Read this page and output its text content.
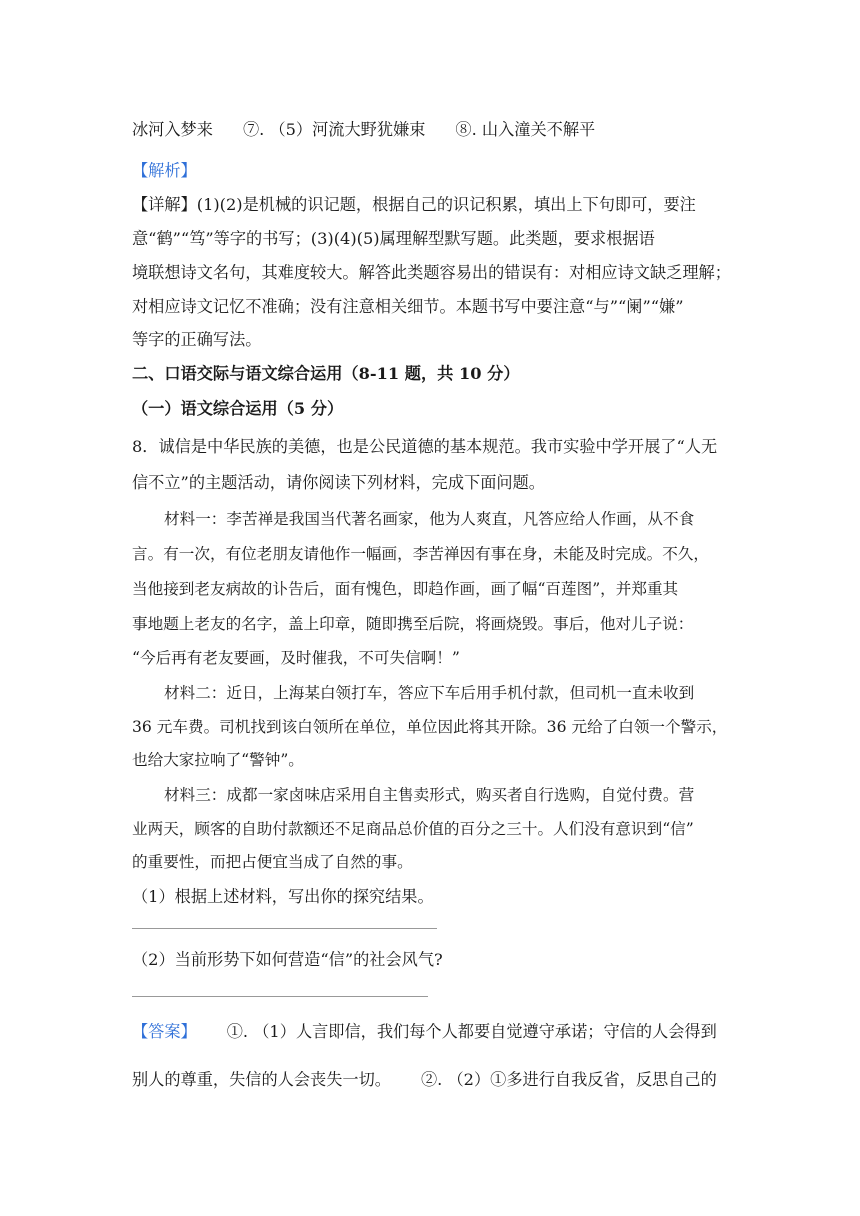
冰河入梦来 ⑦. （5）河流大野犹嫌束 ⑧. 山入潼关不解平
【解析】
【详解】(1)(2)是机械的识记题，根据自己的识记积累，填出上下句即可，要注
意“鹤”“笃”等字的书写；(3)(4)(5)属理解型默写题。此类题，要求根据语
境联想诗文名句，其难度较大。解答此类题容易出的错误有：对相应诗文缺乏理解；
对相应诗文记忆不准确；没有注意相关细节。本题书写中要注意“与”“阑”“嫌”
等字的正确写法。
二、口语交际与语文综合运用（8-11 题，共 10 分）
（一）语文综合运用（5 分）
8．诚信是中华民族的美德，也是公民道德的基本规范。我市实验中学开展了“人无
信不立”的主题活动，请你阅读下列材料，完成下面问题。
材料一：李苦禅是我国当代著名画家，他为人爽直，凡答应给人作画，从不食
言。有一次，有位老朋友请他作一幅画，李苦禅因有事在身，未能及时完成。不久，
当他接到老友病故的讣告后，面有愧色，即趋作画，画了幅“百莲图”，并郑重其
事地题上老友的名字，盖上印章，随即携至后院，将画烧毁。事后，他对儿子说：
“今后再有老友要画，及时催我，不可失信啊！”
材料二：近日，上海某白领打车，答应下车后用手机付款，但司机一直未收到
36 元车费。司机找到该白领所在单位，单位因此将其开除。36 元给了白领一个警示，
也给大家拉响了“警钟”。
材料三：成都一家卤味店采用自主售卖形式，购买者自行选购，自觉付费。营
业两天，顾客的自助付款额还不足商品总价值的百分之三十。人们没有意识到“信”
的重要性，而把占便宜当成了自然的事。
（1）根据上述材料，写出你的探究结果。
（2）当前形势下如何营造“信”的社会风气?
【答案】 ①. （1）人言即信，我们每个人都要自觉遵守承诺；守信的人会得到
别人的尊重，失信的人会丧失一切。 ②. （2）①多进行自我反省，反思自己的
